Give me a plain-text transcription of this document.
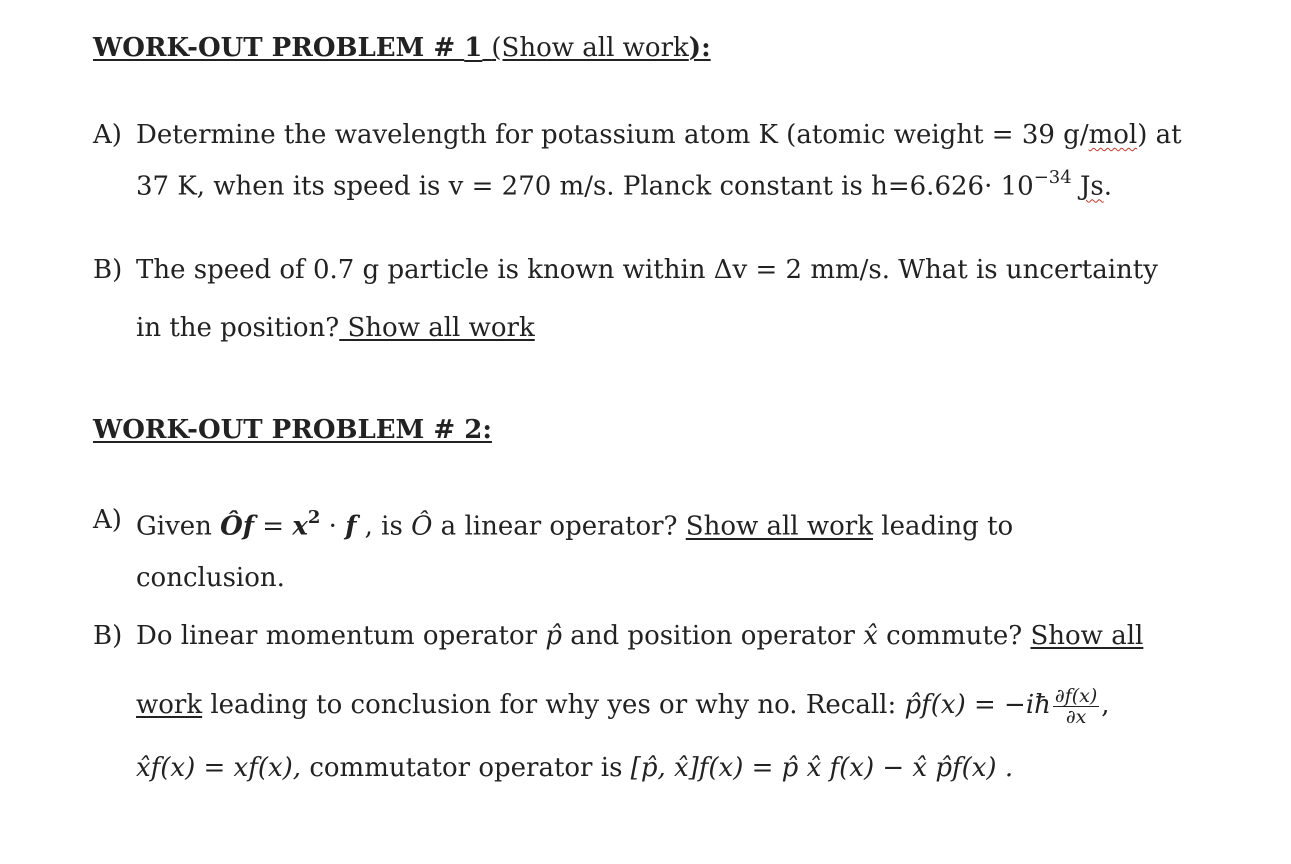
WORK-OUT PROBLEM # 1 (Show all work):
A) Determine the wavelength for potassium atom K (atomic weight = 39 g/mol) at
37 K, when its speed is v = 270 m/s. Planck constant is $h=6.626\cdot 10^{-34}$ Js.
B) The speed of 0.7 g particle is known within Δv = 2 mm/s. What is uncertainty
in the position? Show all work
WORK-OUT PROBLEM # 2:
A) Given Ôf = $x^2 \cdot f$ , is Ô a linear operator? Show all work leading to
conclusion.
B) Do linear momentum operator p̂ and position operator x̂ commute? Show all
work leading to conclusion for why yes or why no. Recall: p̂f(x) = −iħ $\frac{\partial f(x)}{\partial x}$ ,
x̂f(x) = xf(x), commutator operator is [p̂, x̂]f(x) = p̂ x̂ f(x) − x̂ p̂f(x) .
